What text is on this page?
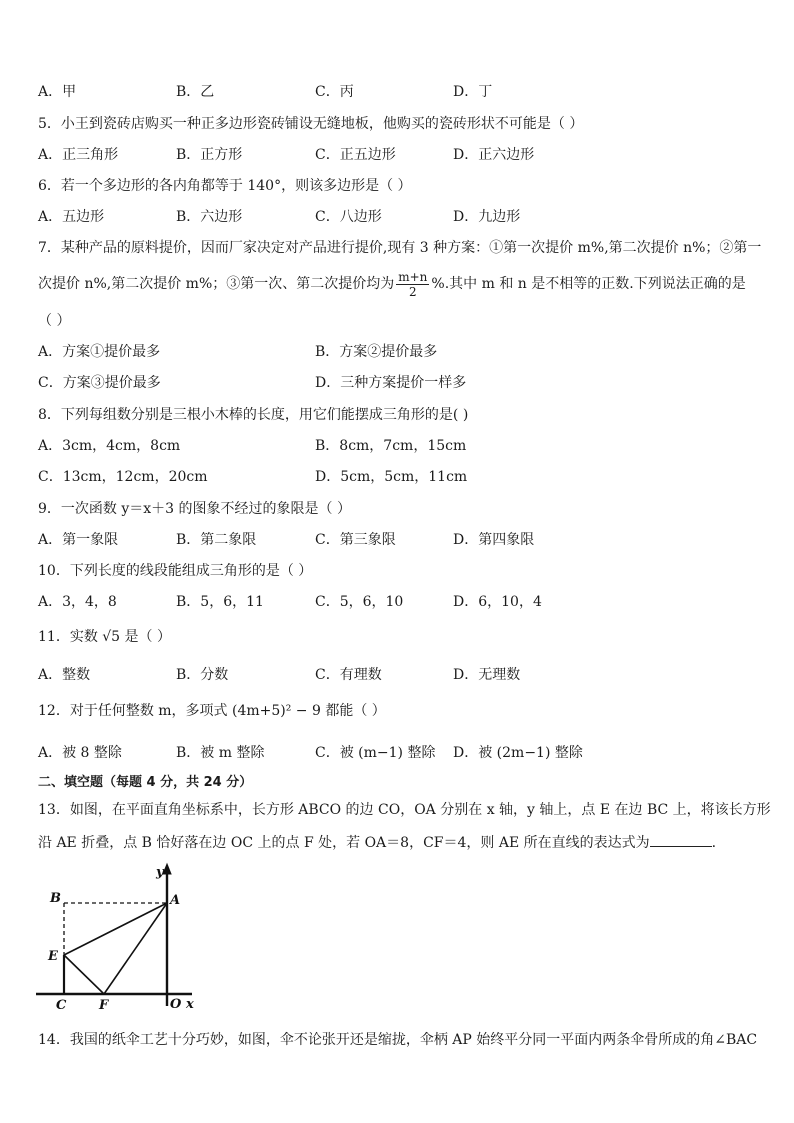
A．甲	B．乙	C．丙	D．丁
5．小王到瓷砖店购买一种正多边形瓷砖铺设无缝地板，他购买的瓷砖形状不可能是（ ）
A．正三角形	B．正方形	C．正五边形	D．正六边形
6．若一个多边形的各内角都等于 140°，则该多边形是（ ）
A．五边形	B．六边形	C．八边形	D．九边形
7．某种产品的原料提价，因而厂家决定对产品进行提价,现有 3 种方案：①第一次提价 m%,第二次提价 n%；②第一
次提价 n%,第二次提价 m%；③第一次、第二次提价均为 $\frac{m+n}{2}$ %.其中 m 和 n 是不相等的正数.下列说法正确的是
（ ）
A．方案①提价最多	B．方案②提价最多
C．方案③提价最多	D．三种方案提价一样多
8．下列每组数分别是三根小木棒的长度，用它们能摆成三角形的是( )
A．3cm，4cm，8cm	B．8cm，7cm，15cm
C．13cm，12cm，20cm	D．5cm，5cm，11cm
9．一次函数 y＝x＋3 的图象不经过的象限是（ ）
A．第一象限	B．第二象限	C．第三象限	D．第四象限
10．下列长度的线段能组成三角形的是（ ）
A．3，4，8	B．5，6，11	C．5，6，10	D．6，10，4
11．实数 √5 是（ ）
A．整数	B．分数	C．有理数	D．无理数
12．对于任何整数 m，多项式 (4m+5)² − 9 都能（ ）
A．被 8 整除	B．被 m 整除	C．被 (m−1) 整除 D．被 (2m−1) 整除
二、填空题（每题 4 分，共 24 分）
13．如图，在平面直角坐标系中，长方形 ABCO 的边 CO，OA 分别在 x 轴，y 轴上，点 E 在边 BC 上，将该长方形
沿 AE 折叠，点 B 恰好落在边 OC 上的点 F 处，若 OA＝8，CF＝4，则 AE 所在直线的表达式为	.
B	A
E
C	F	O x
y
14．我国的纸伞工艺十分巧妙，如图，伞不论张开还是缩拢，伞柄 AP 始终平分同一平面内两条伞骨所成的角∠BAC
